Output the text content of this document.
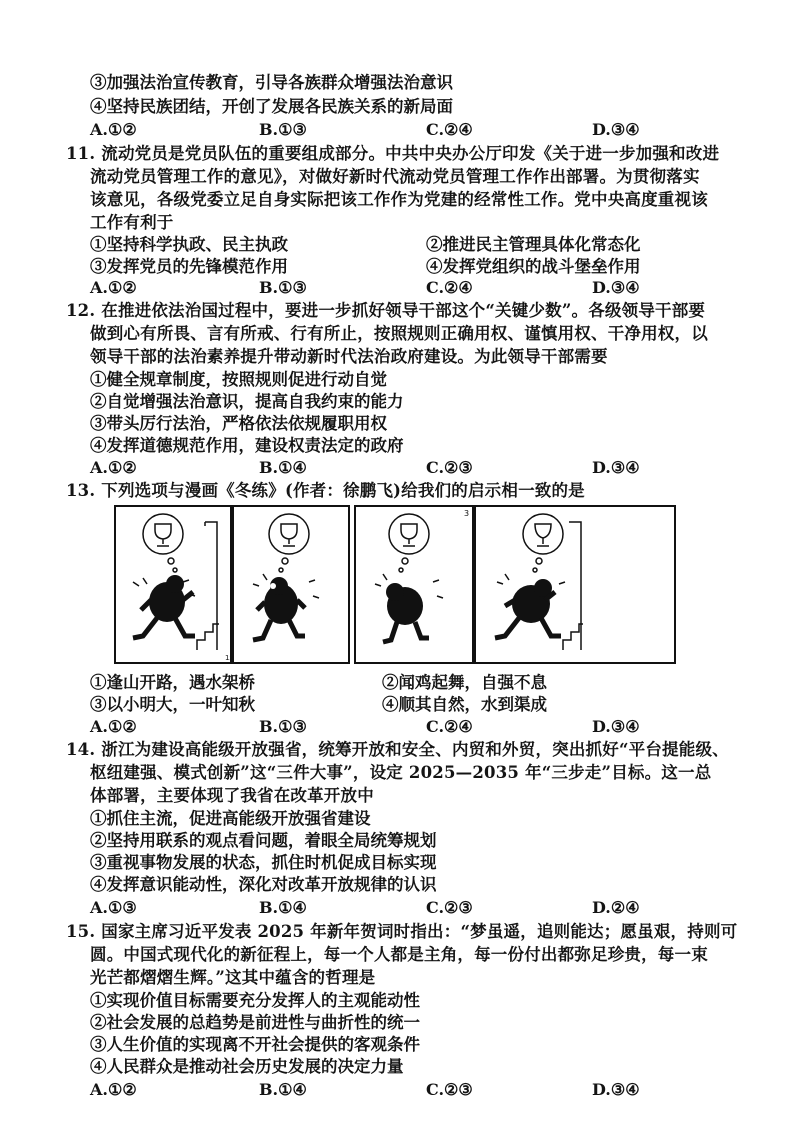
③加强法治宣传教育，引导各族群众增强法治意识
④坚持民族团结，开创了发展各民族关系的新局面
A.①②	B.①③	C.②④	D.③④
11. 流动党员是党员队伍的重要组成部分。中共中央办公厅印发《关于进一步加强和改进
流动党员管理工作的意见》，对做好新时代流动党员管理工作作出部署。为贯彻落实
该意见，各级党委立足自身实际把该工作作为党建的经常性工作。党中央高度重视该
工作有利于
①坚持科学执政、民主执政	②推进民主管理具体化常态化
③发挥党员的先锋模范作用	④发挥党组织的战斗堡垒作用
A.①②	B.①③	C.②④	D.③④
12. 在推进依法治国过程中，要进一步抓好领导干部这个“关键少数”。各级领导干部要
做到心有所畏、言有所戒、行有所止，按照规则正确用权、谨慎用权、干净用权，以
领导干部的法治素养提升带动新时代法治政府建设。为此领导干部需要
①健全规章制度，按照规则促进行动自觉
②自觉增强法治意识，提高自我约束的能力
③带头厉行法治，严格依法依规履职用权
④发挥道德规范作用，建设权责法定的政府
A.①②	B.①④	C.②③	D.③④
13. 下列选项与漫画《冬练》(作者：徐鹏飞)给我们的启示相一致的是
3
1z
①逢山开路，遇水架桥	②闻鸡起舞，自强不息
③以小明大，一叶知秋	④顺其自然，水到渠成
A.①②	B.①③	C.②④	D.③④
14. 浙江为建设高能级开放强省，统筹开放和安全、内贸和外贸，突出抓好“平台提能级、
枢纽建强、模式创新”这“三件大事”，设定 2025—2035 年“三步走”目标。这一总
体部署，主要体现了我省在改革开放中
①抓住主流，促进高能级开放强省建设
②坚持用联系的观点看问题，着眼全局统筹规划
③重视事物发展的状态，抓住时机促成目标实现
④发挥意识能动性，深化对改革开放规律的认识
A.①③	B.①④	C.②③	D.②④
15. 国家主席习近平发表 2025 年新年贺词时指出：“梦虽遥，追则能达；愿虽艰，持则可
圆。中国式现代化的新征程上，每一个人都是主角，每一份付出都弥足珍贵，每一束
光芒都熠熠生辉。”这其中蕴含的哲理是
①实现价值目标需要充分发挥人的主观能动性
②社会发展的总趋势是前进性与曲折性的统一
③人生价值的实现离不开社会提供的客观条件
④人民群众是推动社会历史发展的决定力量
A.①②	B.①④	C.②③	D.③④
